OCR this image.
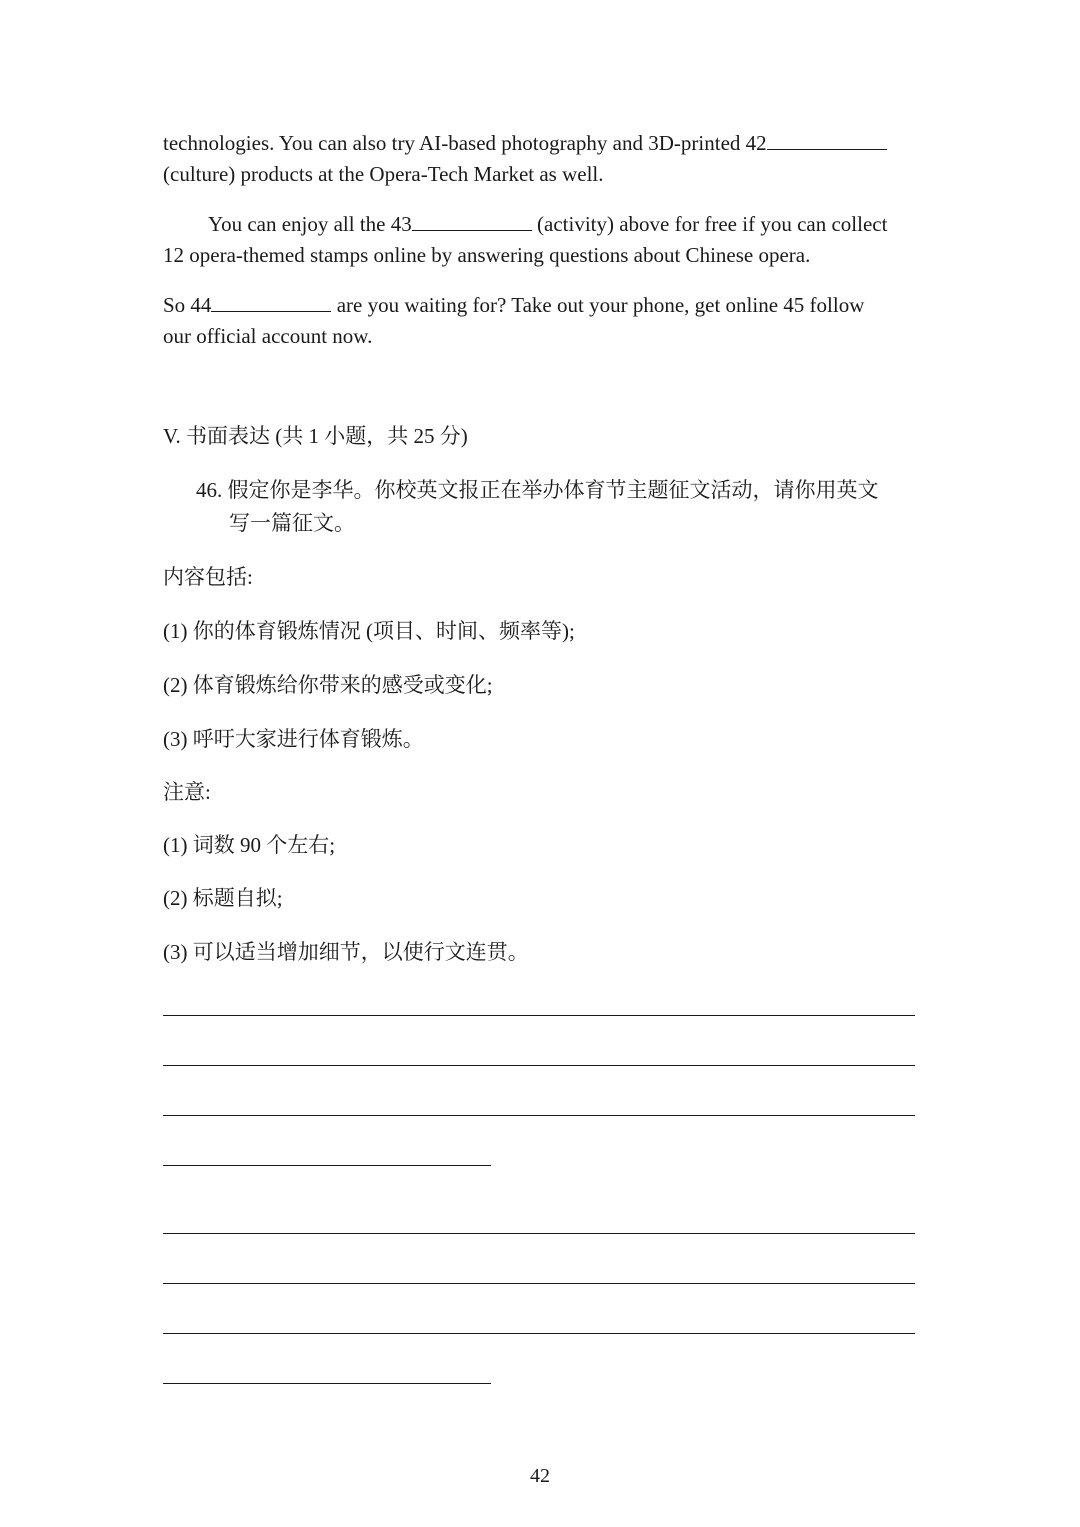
technologies. You can also try AI-based photography and 3D-printed 42
(culture) products at the Opera-Tech Market as well.
You can enjoy all the 43	(activity) above for free if you can collect
12 opera-themed stamps online by answering questions about Chinese opera.
So 44	are you waiting for? Take out your phone, get online 45 follow
our official account now.
V. 书面表达 (共 1 小题，共 25 分)
46. 假定你是李华。你校英文报正在举办体育节主题征文活动，请你用英文
写一篇征文。
内容包括:
(1) 你的体育锻炼情况 (项目、时间、频率等);
(2) 体育锻炼给你带来的感受或变化;
(3) 呼吁大家进行体育锻炼。
注意:
(1) 词数 90 个左右;
(2) 标题自拟;
(3) 可以适当增加细节，以使行文连贯。
42
